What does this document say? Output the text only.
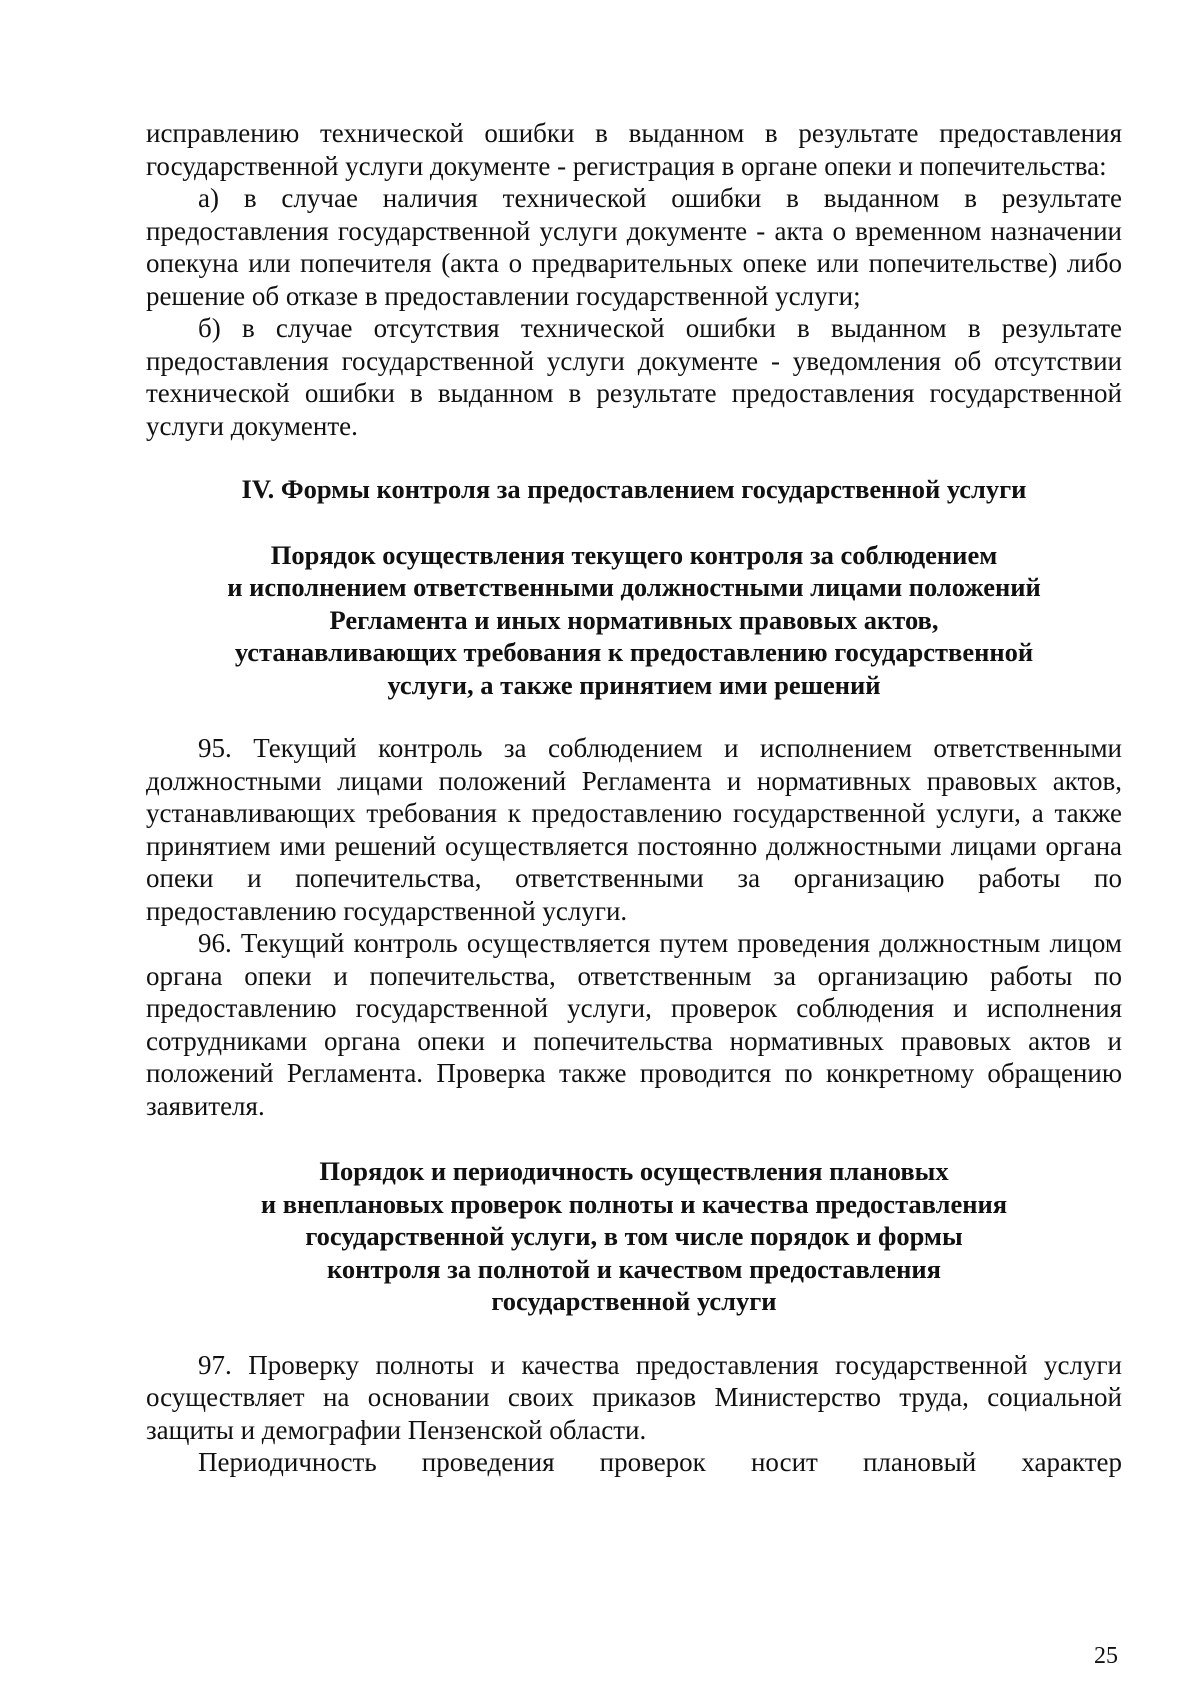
исправлению технической ошибки в выданном в результате предоставления государственной услуги документе - регистрация в органе опеки и попечительства:

а) в случае наличия технической ошибки в выданном в результате предоставления государственной услуги документе - акта о временном назначении опекуна или попечителя (акта о предварительных опеке или попечительстве) либо решение об отказе в предоставлении государственной услуги;

б) в случае отсутствия технической ошибки в выданном в результате предоставления государственной услуги документе - уведомления об отсутствии технической ошибки в выданном в результате предоставления государственной услуги документе.

IV. Формы контроля за предоставлением государственной услуги
Порядок осуществления текущего контроля за соблюдением
и исполнением ответственными должностными лицами положений
Регламента и иных нормативных правовых актов,
устанавливающих требования к предоставлению государственной
услуги, а также принятием ими решений

95. Текущий контроль за соблюдением и исполнением ответственными должностными лицами положений Регламента и нормативных правовых актов, устанавливающих требования к предоставлению государственной услуги, а также принятием ими решений осуществляется постоянно должностными лицами органа опеки и попечительства, ответственными за организацию работы по предоставлению государственной услуги.

96. Текущий контроль осуществляется путем проведения должностным лицом органа опеки и попечительства, ответственным за организацию работы по предоставлению государственной услуги, проверок соблюдения и исполнения сотрудниками органа опеки и попечительства нормативных правовых актов и положений Регламента. Проверка также проводится по конкретному обращению заявителя.

Порядок и периодичность осуществления плановых
и внеплановых проверок полноты и качества предоставления
государственной услуги, в том числе порядок и формы
контроля за полнотой и качеством предоставления
государственной услуги

97. Проверку полноты и качества предоставления государственной услуги осуществляет на основании своих приказов Министерство труда, социальной защиты и демографии Пензенской области.

Периодичность проведения проверок носит плановый характер

25
